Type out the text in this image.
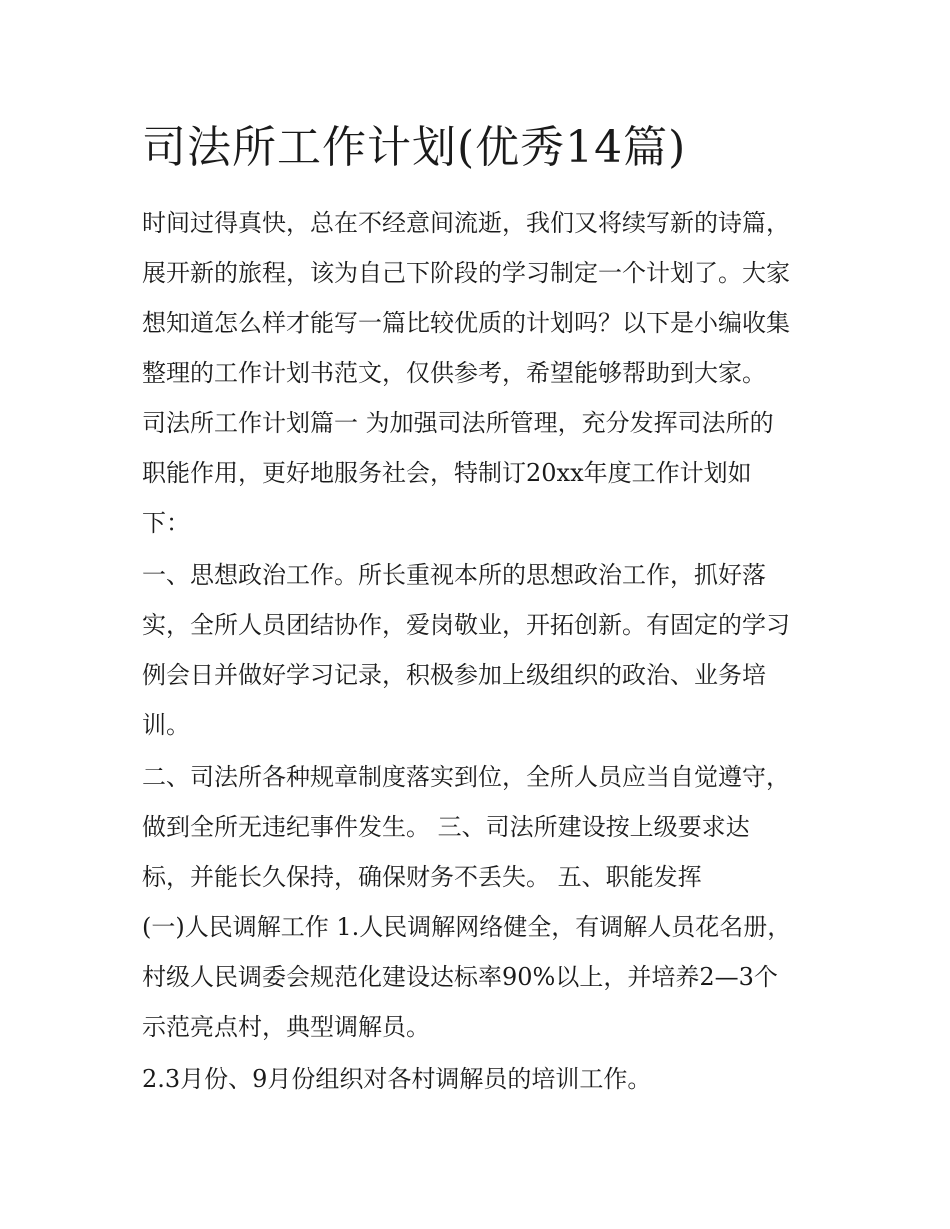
司法所工作计划(优秀14篇)
时间过得真快，总在不经意间流逝，我们又将续写新的诗篇，
展开新的旅程，该为自己下阶段的学习制定一个计划了。大家
想知道怎么样才能写一篇比较优质的计划吗？以下是小编收集
整理的工作计划书范文，仅供参考，希望能够帮助到大家。
司法所工作计划篇一 为加强司法所管理，充分发挥司法所的
职能作用，更好地服务社会，特制订20xx年度工作计划如
下：
一、思想政治工作。所长重视本所的思想政治工作，抓好落
实，全所人员团结协作，爱岗敬业，开拓创新。有固定的学习
例会日并做好学习记录，积极参加上级组织的政治、业务培
训。
二、司法所各种规章制度落实到位，全所人员应当自觉遵守，
做到全所无违纪事件发生。 三、司法所建设按上级要求达
标，并能长久保持，确保财务不丢失。 五、职能发挥
(一)人民调解工作 1.人民调解网络健全，有调解人员花名册，
村级人民调委会规范化建设达标率90%以上，并培养2—3个
示范亮点村，典型调解员。
2.3月份、9月份组织对各村调解员的培训工作。
